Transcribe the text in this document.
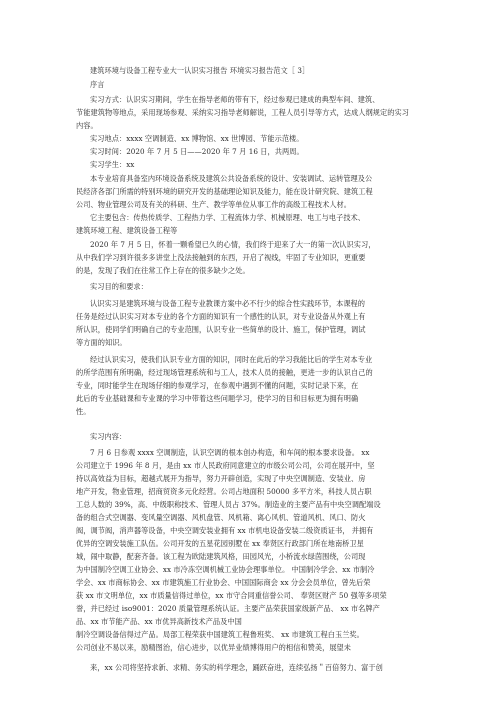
建筑环境与设备工程专业大一认识实习报告 环境实习报告范文［ 3］
序言
实习方式：认识实习期间，学生在指导老师的带有下，经过参观已建成的典型车间、建筑、
节能建筑物等地点，采用现场参观、采纳实习指导老师解说，工程人员引导等方式，达成人纲规定的实习
内容。
实习地点：xxxx 空调制造、xx 博物馆、xx 世博园、节能示范楼。
实习时间：2020 年 7 月 5 日——2020 年 7 月 16 日，共两周。
实习学生：xx
本专业培育具备室内环境设备系统及建筑公共设备系统的设计、安装调试、运转管理及公
民经济各部门所需的特别环境的研究开发的基础理论知识及能力，能在设计研究院、建筑工程
公司、物业管理公司及有关的科研、生产、教学等单位从事工作的高级工程技术人材。
它主要包含：传热传质学、工程热力学、工程流体力学、机械原理、电工与电子技术、
建筑环境工程、建筑设备工程等
2020 年 7 月 5 日，怀着一颗希望已久的心情，我们终于迎来了大一的第一次认识实习，
从中我们学习到许很多多讲堂上没法接触到的东西，开启了视线，牢固了专业知识，更重要
的是，发现了我们在往常工作上存在的很多缺少之处。
实习目的和要求：
认识实习是建筑环境与设备工程专业教课方案中必不行少的综合性实践环节，本课程的
任务是经过认识实习对本专业的各个方面的知识有一个感性的认识，对专业设备从外观上有
所认识，使同学们明确自己的专业范围，认识专业一些简单的设计、施工，保护管理，调试
等方面的知识。
经过认识实习，使我们认识专业方面的知识，同时在此后的学习我能比后的学生对本专业
的所学范围有所明确，经过现场管理系统和与工人，技术人员的接触，更进一步的认识自己的
专业，同时能学生在现场仔细的参观学习，在参观中遇到不懂的问题，实时记录下来，在
此后的专业基础课和专业课的学习中带着这些问题学习，使学习的目和目标更为拥有明确
性。
实习内容：
7 月 6 日参观 xxxx 空调制造，认识空调的根本创办构造，和车间的根本要求设备。 xx
公司建立于 1996 年 8 月，是由 xx 市人民政府同意建立的市级公司公司，公司在展开中，坚
持以高效益为目标，超越式展开为指导，努力开辟创造，实现了中央空调制造、安装业、房
地产开发，物业管理，招商贸资多元化经营。公司占地面积 50000 多平方米，科技人员占职
工总人数的 39%，高、中级职称技术、管理人员占 37%。制造业的主要产品有中央空调配端设
备的组合式空调器、变风量空调器、风机盘管、风机箱、离心风机、管道风机、风口、防火
阀，调节阀，消声器等设备，中央空调安装业拥有 xx 市机电设备安装二级资质证书， 并拥有
优异的空调安装施工队伍。公司开发的五星花园别墅在 xx 奉贤区行政部门所在地南桥卫星
城，闹中取静，配套齐备。该工程为欧陆建筑风格，田园风光，小桥流水绿茵围绕，公司现
为中国制冷空调工业协会、xx 市冷冻空调机械工业协会理事单位。 中国制冷学会、xx 市制冷
学会、xx 市商标协会、xx 市建筑施工行业协会、中国国际商会 xx 分会会员单位，曾先后荣
获 xx 市文明单位，xx 市质量信得过单位，xx 市守合同重信誉公司、 奉贤区财产 50 强等多项荣
誉，并已经过 iso9001：2020 质量管理系统认证。主要产品荣获国家级新产品、 xx 市名牌产
品、xx 市节能产品、xx 市优异高新技术产品及中国
制冷空调设备信得过产品。局部工程荣获中国建筑工程鲁班奖、 xx 市建筑工程白玉兰奖。
公司创业不易以来，励精图治，信心进步，以优异业绩博得用户的相信和赞美，展望未
来，xx 公司将坚持求新、求精、务实的科学理念，踊跃奋进，连续弘扬＂百倍努力、富于创
